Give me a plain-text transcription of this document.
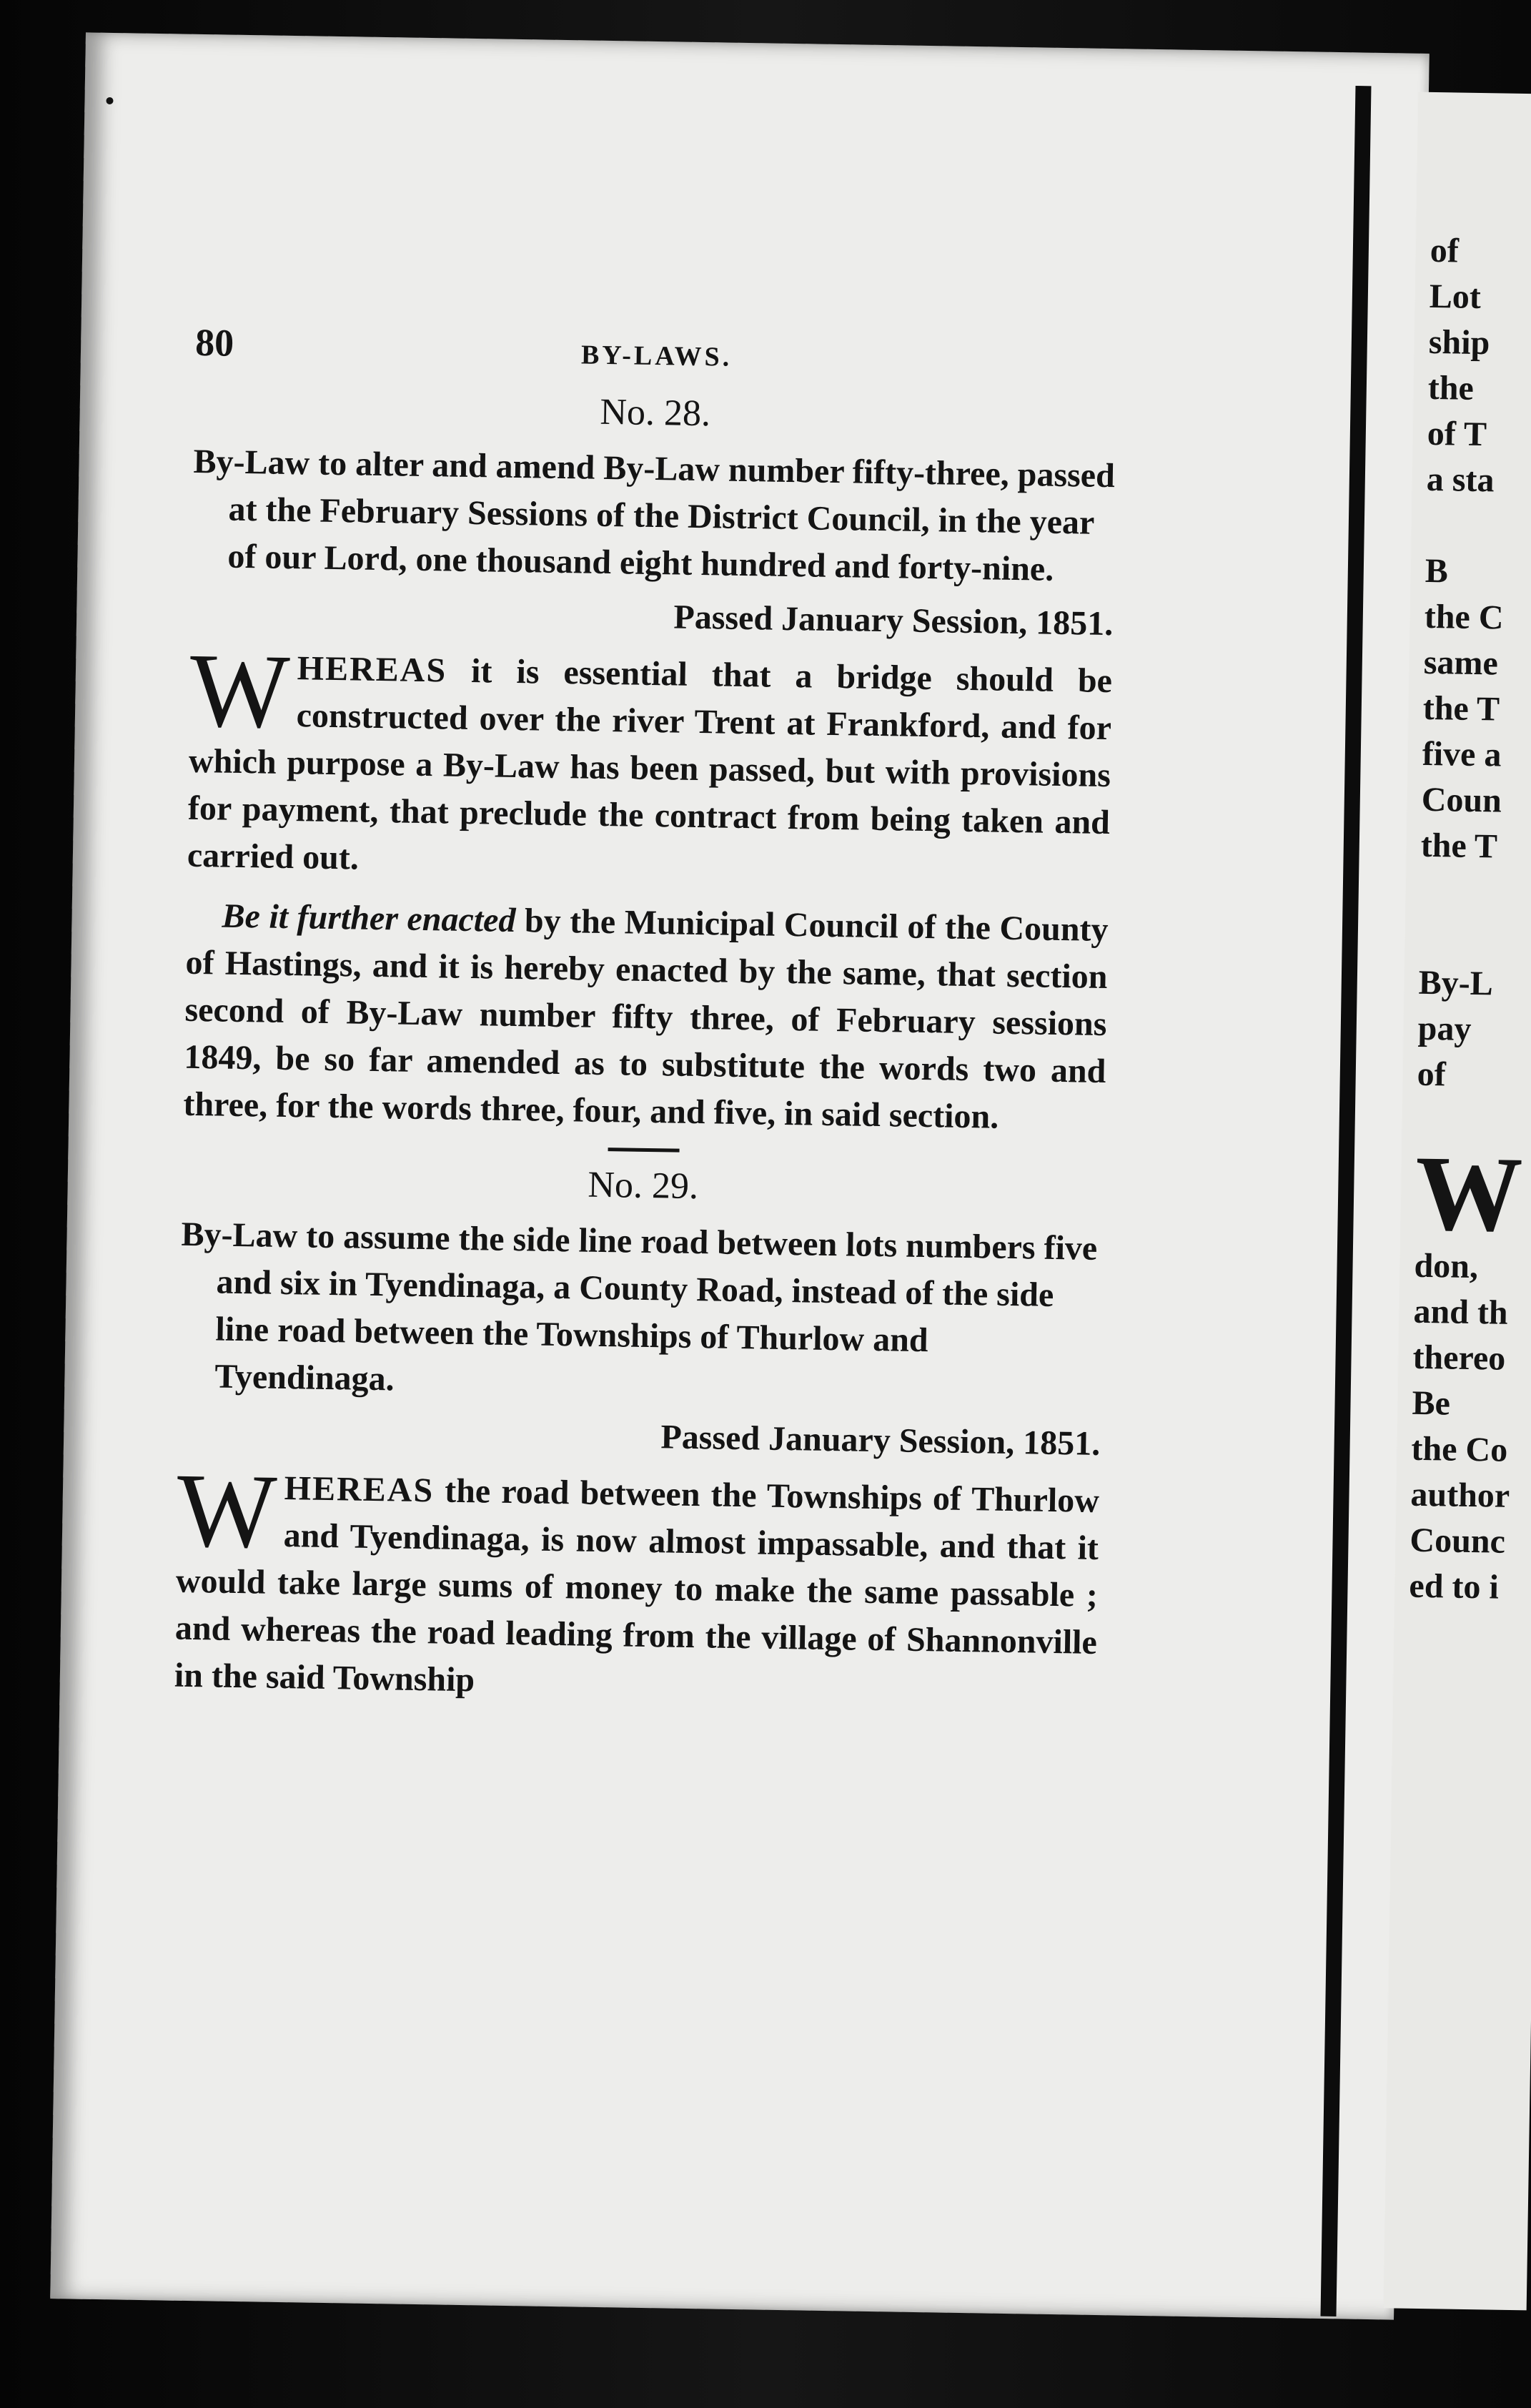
80	BY-LAWS.
No. 28.

By-Law to alter and amend By-Law number fifty-three, passed at the February Sessions of the District Council, in the year of our Lord, one thousand eight hundred and forty-nine.

Passed January Session, 1851.

WHEREAS it is essential that a bridge should be constructed over the river Trent at Frankford, and for which purpose a By-Law has been passed, but with provisions for payment, that preclude the contract from being taken and carried out.

Be it further enacted by the Municipal Council of the County of Hastings, and it is hereby enacted by the same, that section second of By-Law number fifty three, of February sessions 1849, be so far amended as to substitute the words two and three, for the words three, four, and five, in said section.

No. 29.

By-Law to assume the side line road between lots numbers five and six in Tyendinaga, a County Road, instead of the side line road between the Townships of Thurlow and Tyendinaga.

Passed January Session, 1851.

WHEREAS the road between the Townships of Thurlow and Tyendinaga, is now almost impassable, and that it would take large sums of money to make the same passable ; and whereas the road leading from the village of Shannonville in the said Township

of
Lot
ship
the
of T
a sta

B
the C
same
the T
five a
Coun
the T

By-L
pay
of

W
don,
and th
thereo
Be
the Co
author
Counc
ed to i
